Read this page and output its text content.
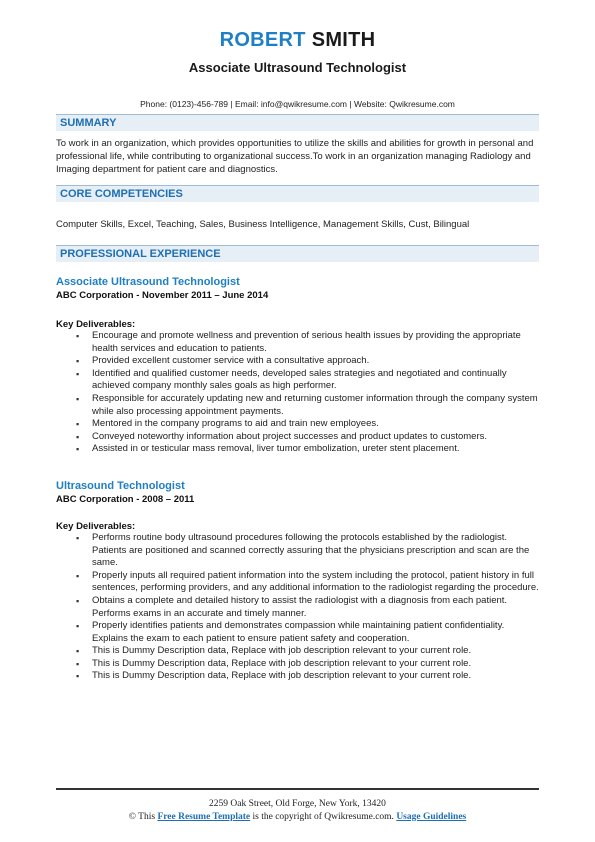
ROBERT SMITH
Associate Ultrasound Technologist
Phone: (0123)-456-789 | Email: info@qwikresume.com | Website: Qwikresume.com
SUMMARY
To work in an organization, which provides opportunities to utilize the skills and abilities for growth in personal and professional life, while contributing to organizational success.To work in an organization managing Radiology and Imaging department for patient care and diagnostics.
CORE COMPETENCIES
Computer Skills, Excel, Teaching, Sales, Business Intelligence, Management Skills, Cust, Bilingual
PROFESSIONAL EXPERIENCE
Associate Ultrasound Technologist
ABC Corporation - November 2011 – June 2014
Key Deliverables:
▪ Encourage and promote wellness and prevention of serious health issues by providing the appropriate health services and education to patients.
▪ Provided excellent customer service with a consultative approach.
▪ Identified and qualified customer needs, developed sales strategies and negotiated and continually achieved company monthly sales goals as high performer.
▪ Responsible for accurately updating new and returning customer information through the company system while also processing appointment payments.
▪ Mentored in the company programs to aid and train new employees.
▪ Conveyed noteworthy information about project successes and product updates to customers.
▪ Assisted in or testicular mass removal, liver tumor embolization, ureter stent placement.
Ultrasound Technologist
ABC Corporation - 2008 – 2011
Key Deliverables:
▪ Performs routine body ultrasound procedures following the protocols established by the radiologist. Patients are positioned and scanned correctly assuring that the physicians prescription and scan are the same.
▪ Properly inputs all required patient information into the system including the protocol, patient history in full sentences, performing providers, and any additional information to the radiologist regarding the procedure.
▪ Obtains a complete and detailed history to assist the radiologist with a diagnosis from each patient. Performs exams in an accurate and timely manner.
▪ Properly identifies patients and demonstrates compassion while maintaining patient confidentiality. Explains the exam to each patient to ensure patient safety and cooperation.
▪ This is Dummy Description data, Replace with job description relevant to your current role.
▪ This is Dummy Description data, Replace with job description relevant to your current role.
▪ This is Dummy Description data, Replace with job description relevant to your current role.
2259 Oak Street, Old Forge, New York, 13420
© This Free Resume Template is the copyright of Qwikresume.com. Usage Guidelines
